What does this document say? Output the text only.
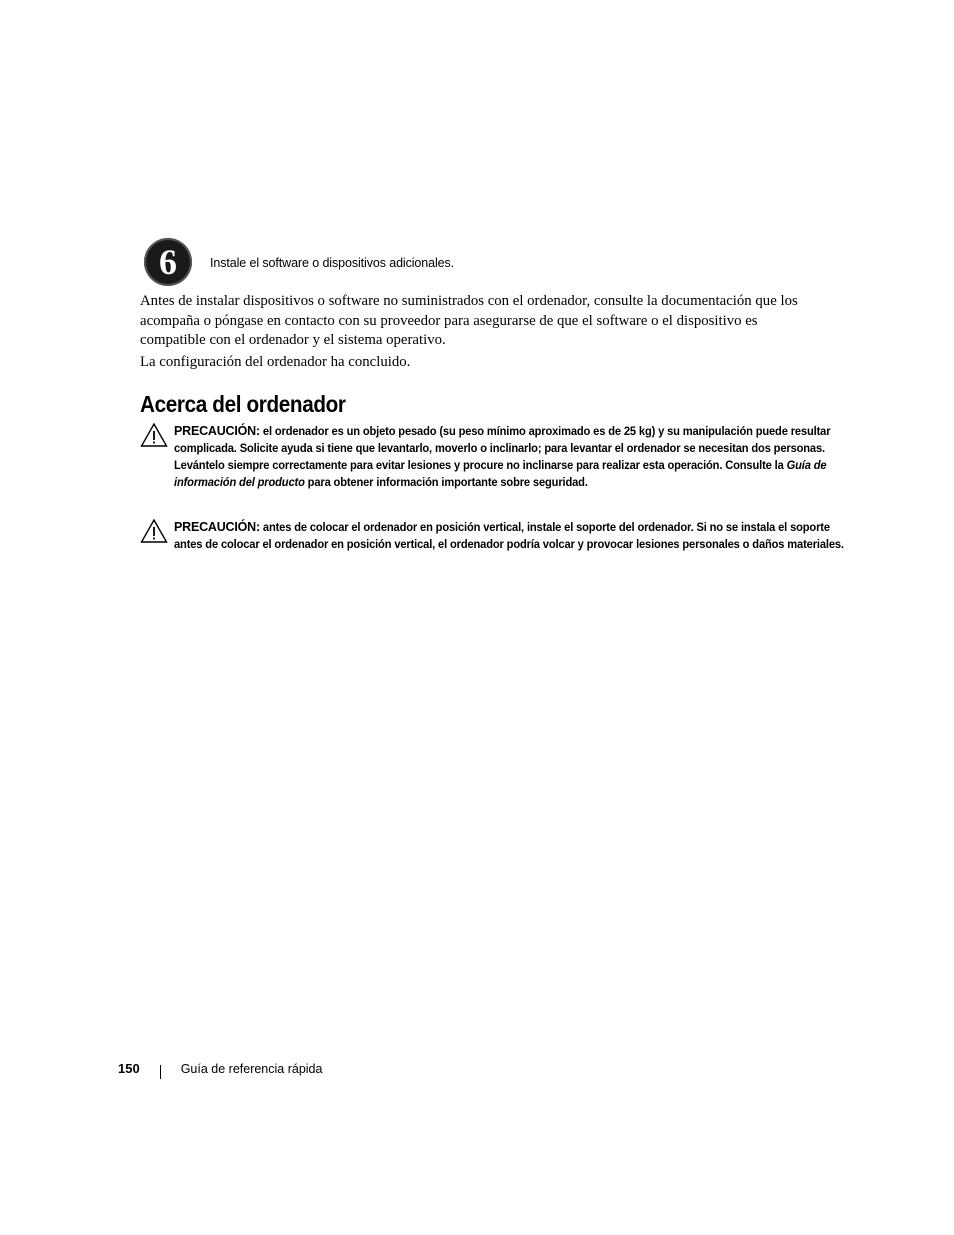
6	Instale el software o dispositivos adicionales.

Antes de instalar dispositivos o software no suministrados con el ordenador, consulte la documentación que los acompaña o póngase en contacto con su proveedor para asegurarse de que el software o el dispositivo es compatible con el ordenador y el sistema operativo.

La configuración del ordenador ha concluido.

Acerca del ordenador
PRECAUCIÓN: el ordenador es un objeto pesado (su peso mínimo aproximado es de 25 kg) y su manipulación puede resultar complicada. Solicite ayuda si tiene que levantarlo, moverlo o inclinarlo; para levantar el ordenador se necesitan dos personas. Levántelo siempre correctamente para evitar lesiones y procure no inclinarse para realizar esta operación. Consulte la Guía de información del producto para obtener información importante sobre seguridad.
PRECAUCIÓN: antes de colocar el ordenador en posición vertical, instale el soporte del ordenador. Si no se instala el soporte antes de colocar el ordenador en posición vertical, el ordenador podría volcar y provocar lesiones personales o daños materiales.
150	Guía de referencia rápida
